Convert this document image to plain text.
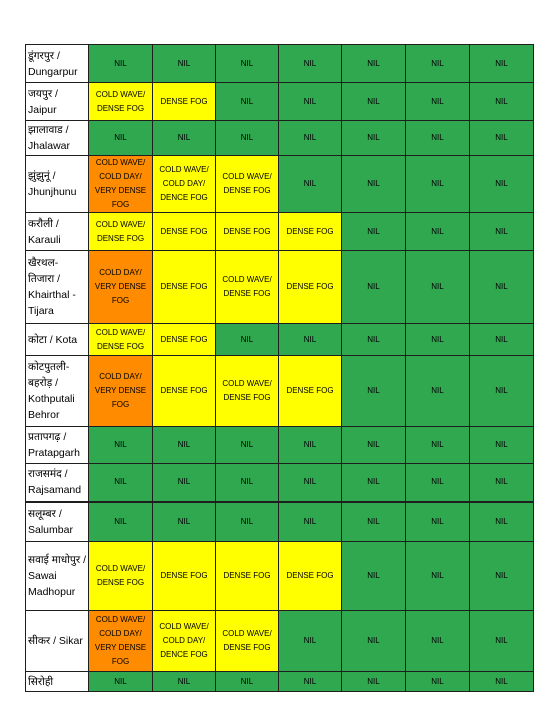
डूंगरपुर / Dungarpur	NIL	NIL	NIL	NIL	NIL	NIL	NIL
जयपुर / Jaipur	COLD WAVE/ DENSE FOG	DENSE FOG	NIL	NIL	NIL	NIL	NIL
झालावाड / Jhalawar	NIL	NIL	NIL	NIL	NIL	NIL	NIL
झुंझुनूं / Jhunjhunu	COLD WAVE/ COLD DAY/ VERY DENSE FOG	COLD WAVE/ COLD DAY/ DENCE FOG	COLD WAVE/ DENSE FOG	NIL	NIL	NIL	NIL
करौली / Karauli	COLD WAVE/ DENSE FOG	DENSE FOG	DENSE FOG	DENSE FOG	NIL	NIL	NIL
खैरथल- तिजारा / Khairthal - Tijara	COLD DAY/ VERY DENSE FOG	DENSE FOG	COLD WAVE/ DENSE FOG	DENSE FOG	NIL	NIL	NIL
कोटा / Kota	COLD WAVE/ DENSE FOG	DENSE FOG	NIL	NIL	NIL	NIL	NIL
कोटपुतली- बहरोड़ / Kothputali Behror	COLD DAY/ VERY DENSE FOG	DENSE FOG	COLD WAVE/ DENSE FOG	DENSE FOG	NIL	NIL	NIL
प्रतापगढ़ / Pratapgarh	NIL	NIL	NIL	NIL	NIL	NIL	NIL
राजसमंद / Rajsamand	NIL	NIL	NIL	NIL	NIL	NIL	NIL
सलूम्बर / Salumbar	NIL	NIL	NIL	NIL	NIL	NIL	NIL
सवाई माधोपुर / Sawai Madhopur	COLD WAVE/ DENSE FOG	DENSE FOG	DENSE FOG	DENSE FOG	NIL	NIL	NIL
सीकर / Sikar	COLD WAVE/ COLD DAY/ VERY DENSE FOG	COLD WAVE/ COLD DAY/ DENCE FOG	COLD WAVE/ DENSE FOG	NIL	NIL	NIL	NIL
सिरोही	NIL	NIL	NIL	NIL	NIL	NIL	NIL
